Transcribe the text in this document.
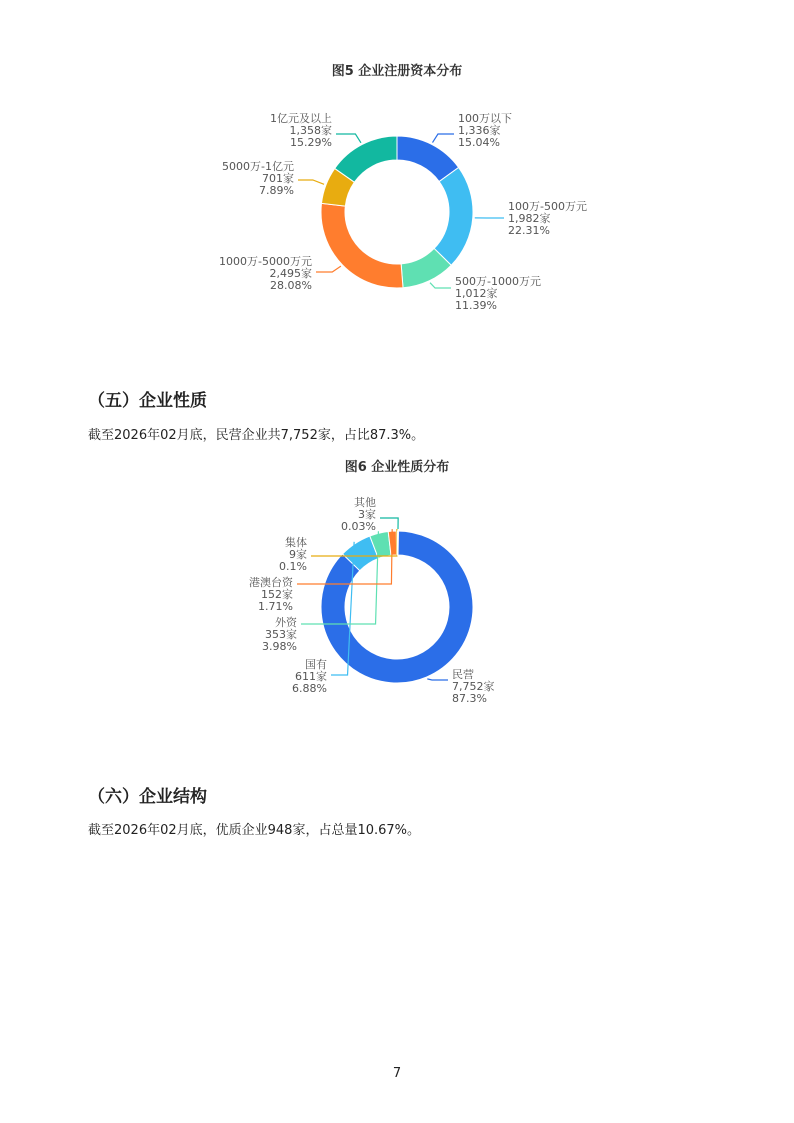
图5 企业注册资本分布
100万以下
1,336家
15.04%
100万-500万元
1,982家
22.31%
500万-1000万元
1,012家
11.39%
1000万-5000万元
2,495家
28.08%
5000万-1亿元
701家
7.89%
1亿元及以上
1,358家
15.29%
（五）企业性质
截至2026年02月底，民营企业共7,752家，占比87.3%。
图6 企业性质分布
民营
7,752家
87.3%
国有
611家
6.88%
外资
353家
3.98%
港澳台资
152家
1.71%
集体
9家
0.1%
其他
3家
0.03%
（六）企业结构
截至2026年02月底，优质企业948家，占总量10.67%。
7
